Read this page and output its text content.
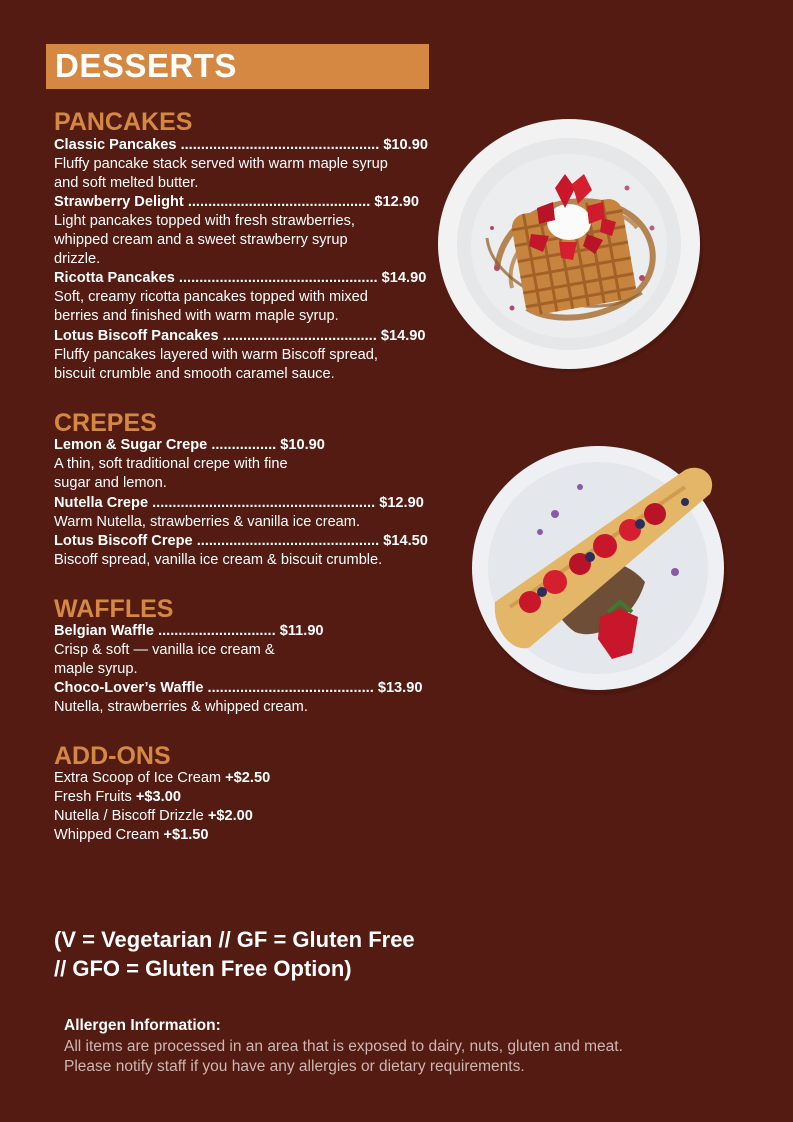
DESSERTS
PANCAKES
Classic Pancakes ................................................. $10.90
Fluffy pancake stack served with warm maple syrup
and soft melted butter.
Strawberry Delight ............................................. $12.90
Light pancakes topped with fresh strawberries,
whipped cream and a sweet strawberry syrup
drizzle.
Ricotta Pancakes ................................................. $14.90
Soft, creamy ricotta pancakes topped with mixed
berries and finished with warm maple syrup.
Lotus Biscoff Pancakes ...................................... $14.90
Fluffy pancakes layered with warm Biscoff spread,
biscuit crumble and smooth caramel sauce.
CREPES
Lemon & Sugar Crepe ................ $10.90
A thin, soft traditional crepe with fine
sugar and lemon.
Nutella Crepe ....................................................... $12.90
Warm Nutella, strawberries & vanilla ice cream.
Lotus Biscoff Crepe ............................................. $14.50
Biscoff spread, vanilla ice cream & biscuit crumble.
WAFFLES
Belgian Waffle ............................. $11.90
Crisp & soft — vanilla ice cream &
maple syrup.
Choco-Lover’s Waffle ......................................... $13.90
Nutella, strawberries & whipped cream.
ADD-ONS
Extra Scoop of Ice Cream +$2.50
Fresh Fruits +$3.00
Nutella / Biscoff Drizzle +$2.00
Whipped Cream +$1.50
(V = Vegetarian // GF = Gluten Free
// GFO = Gluten Free Option)
Allergen Information:
All items are processed in an area that is exposed to dairy, nuts, gluten and meat.
Please notify staff if you have any allergies or dietary requirements.
